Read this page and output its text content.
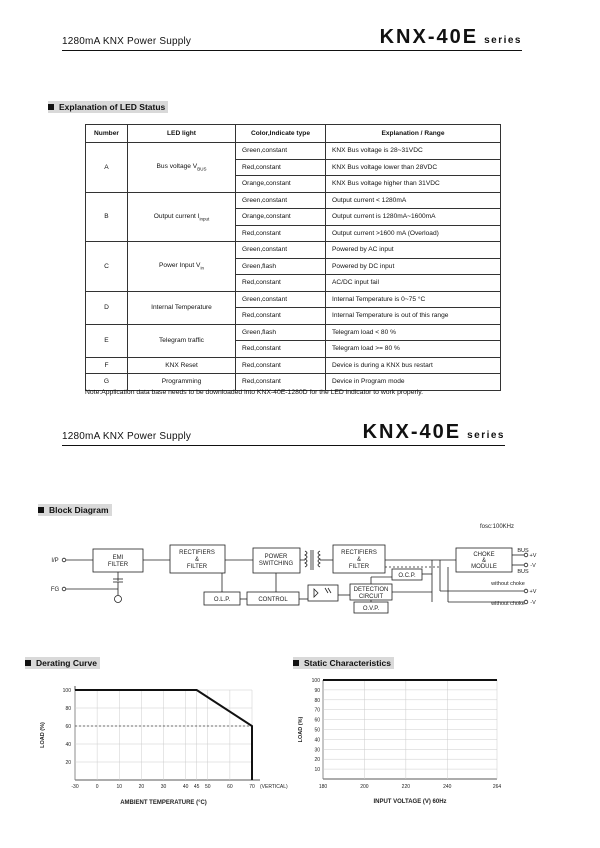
1280mA KNX Power Supply	KNX-40E series
Explanation of LED Status
Number	LED light	Color,Indicate type	Explanation / Range
A	Bus voltage $V_{BUS}$	Green,constant	KNX Bus voltage is 28~31VDC
		Red,constant	KNX Bus voltage lower than 28VDC
		Orange,constant	KNX Bus voltage higher than 31VDC
B	Output current $I_{input}$	Green,constant	Output current < 1280mA
		Orange,constant	Output current is 1280mA~1600mA
		Red,constant	Output current >1600 mA (Overload)
C	Power Input $V_{in}$	Green,constant	Powered by AC input
		Green,flash	Powered by DC input
		Red,constant	AC/DC input fail
D	Internal Temperature	Green,constant	Internal Temperature is 0~75 °C
		Red,constant	Internal Temperature is out of this range
E	Telegram traffic	Green,flash	Telegram load < 80 %
		Red,constant	Telegram load >= 80 %
F	KNX Reset	Red,constant	Device is during a KNX bus restart
G	Programming	Red,constant	Device in Program mode
Note:Application data base needs to be downloaded into KNX-40E-1280D for the LED indicator to work properly.
1280mA KNX Power Supply	KNX-40E series
Block Diagram
fosc:100KHz
I/P
FG
EMI
FILTER
RECTIFIERS
&
FILTER
POWER
SWITCHING
RECTIFIERS
&
FILTER
CHOKE
&
MODULE
BUS
+V
-V
BUS
without choke
without choke
+V
-V
O.L.P.	CONTROL
DETECTION
CIRCUIT
O.C.P.
O.V.P.
Derating Curve
100
80
60
40
20
-30	0	10	20	30	40 45 50	60	70 (VERTICAL)
LOAD (%)
AMBIENT TEMPERATURE (°C)
Static Characteristics
100
90
80
70
60
50
40
30
20
10
180	200	220	240	264
LOAD (%)
INPUT VOLTAGE (V) 60Hz
